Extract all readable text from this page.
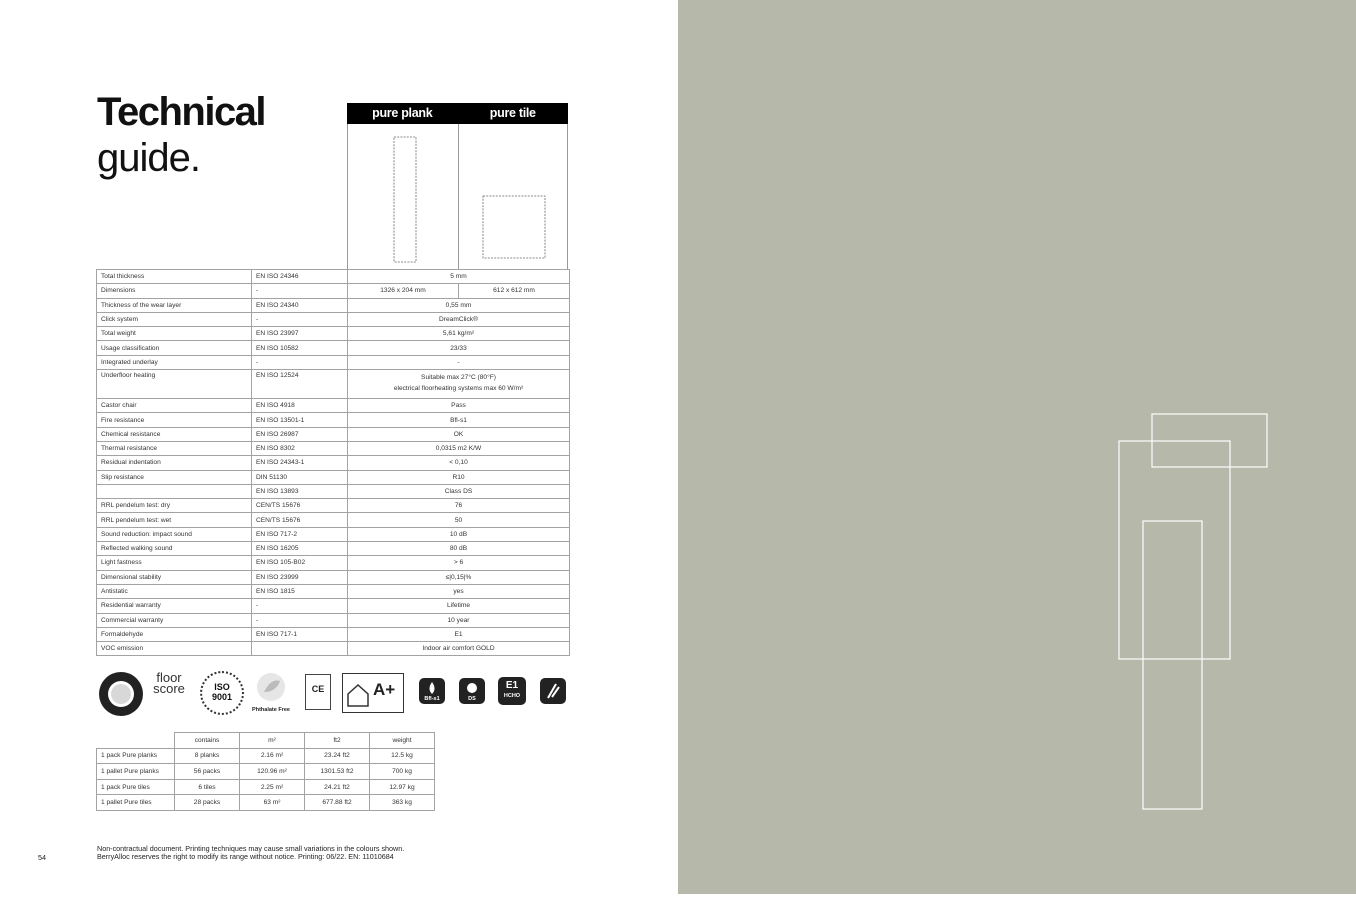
Technical
guide.
pure plank	pure tile
Total thickness	EN ISO 24346	5 mm	
Dimensions	-	1326 x 204 mm	612 x 612 mm
Thickness of the wear layer	EN ISO 24340	0,55 mm	
Click system	-	DreamClick®	
Total weight	EN ISO 23997	5,61 kg/m²	
Usage classification	EN ISO 10582	23/33	
Integrated underlay	-	-	
Underfloor heating	EN ISO 12524	Suitable max 27°C (80°F)
electrical floorheating systems max 60 W/m²	

Castor chair	EN ISO 4918	Pass	
Fire resistance	EN ISO 13501-1	Bfl-s1	
Chemical resistance	EN ISO 26987	OK	
Thermal resistance	EN ISO 8302	0,0315 m2 K/W	
Residual indentation	EN ISO 24343-1	< 0,10	
Slip resistance	DIN 51130	R10	
	EN ISO 13893	Class DS	
RRL pendelum test: dry	CEN/TS 15676	76	
RRL pendelum test: wet	CEN/TS 15676	50	
Sound reduction: impact sound	EN ISO 717-2	10 dB	
Reflected walking sound	EN ISO 16205	80 dB	
Light fastness	EN ISO 105-B02	> 6	
Dimensional stability	EN ISO 23999	≤|0,15|%	
Antistatic	EN ISO 1815	yes	
Residential warranty	-	Lifetime	
Commercial warranty	-	10 year	
Formaldehyde	EN ISO 717-1	E1	
VOC emission		Indoor air comfort GOLD	
floor
score	ISO
9001
Phthalate Free
CE	A+	Bfl-s1	DS
E1
HCHO
	contains	m²	ft2	weight
1 pack Pure planks	8 planks	2.16 m²	23.24 ft2	12.5 kg
1 pallet Pure planks	56 packs	120.96 m²	1301.53 ft2	700 kg
1 pack Pure tiles	6 tiles	2.25 m²	24.21 ft2	12.97 kg
1 pallet Pure tiles	28 packs	63 m²	677.88 ft2	363 kg
Non-contractual document. Printing techniques may cause small variations in the colours shown.
BerryAlloc reserves the right to modify its range without notice. Printing: 06/22. EN: 11010684
54
